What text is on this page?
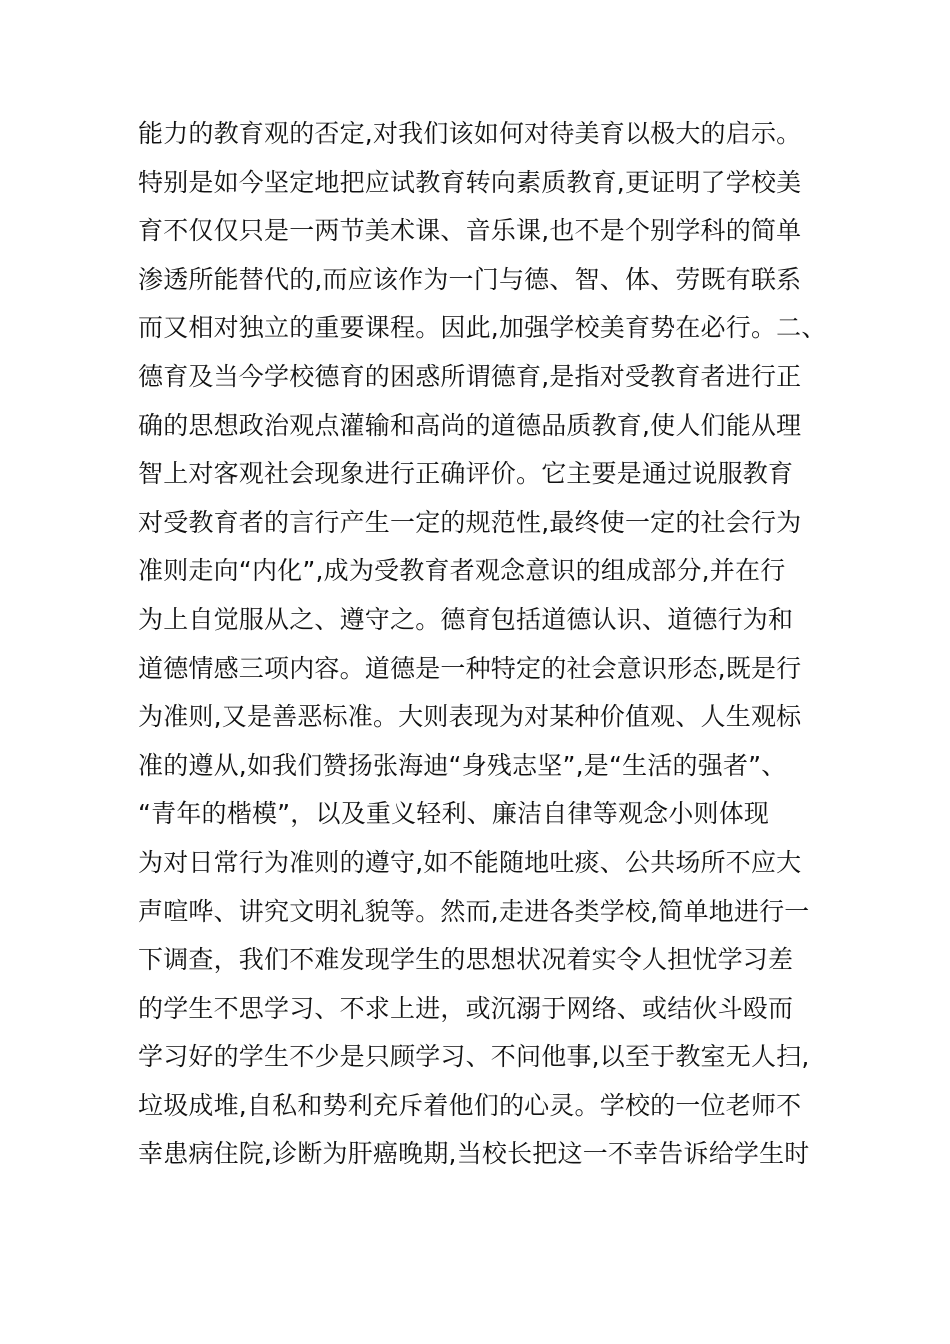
能力的教育观的否定,对我们该如何对待美育以极大的启示。
特别是如今坚定地把应试教育转向素质教育,更证明了学校美
育不仅仅只是一两节美术课、音乐课,也不是个别学科的简单
渗透所能替代的,而应该作为一门与德、智、体、劳既有联系
而又相对独立的重要课程。因此,加强学校美育势在必行。二、
德育及当今学校德育的困惑所谓德育,是指对受教育者进行正
确的思想政治观点灌输和高尚的道德品质教育,使人们能从理
智上对客观社会现象进行正确评价。它主要是通过说服教育
对受教育者的言行产生一定的规范性,最终使一定的社会行为
准则走向“内化”,成为受教育者观念意识的组成部分,并在行
为上自觉服从之、遵守之。德育包括道德认识、道德行为和
道德情感三项内容。道德是一种特定的社会意识形态,既是行
为准则,又是善恶标准。大则表现为对某种价值观、人生观标
准的遵从,如我们赞扬张海迪“身残志坚”,是“生活的强者”、
“青年的楷模”，以及重义轻利、廉洁自律等观念小则体现
为对日常行为准则的遵守,如不能随地吐痰、公共场所不应大
声喧哗、讲究文明礼貌等。然而,走进各类学校,简单地进行一
下调查，我们不难发现学生的思想状况着实令人担忧学习差
的学生不思学习、不求上进，或沉溺于网络、或结伙斗殴而
学习好的学生不少是只顾学习、不问他事,以至于教室无人扫,
垃圾成堆,自私和势利充斥着他们的心灵。学校的一位老师不
幸患病住院,诊断为肝癌晚期,当校长把这一不幸告诉给学生时
